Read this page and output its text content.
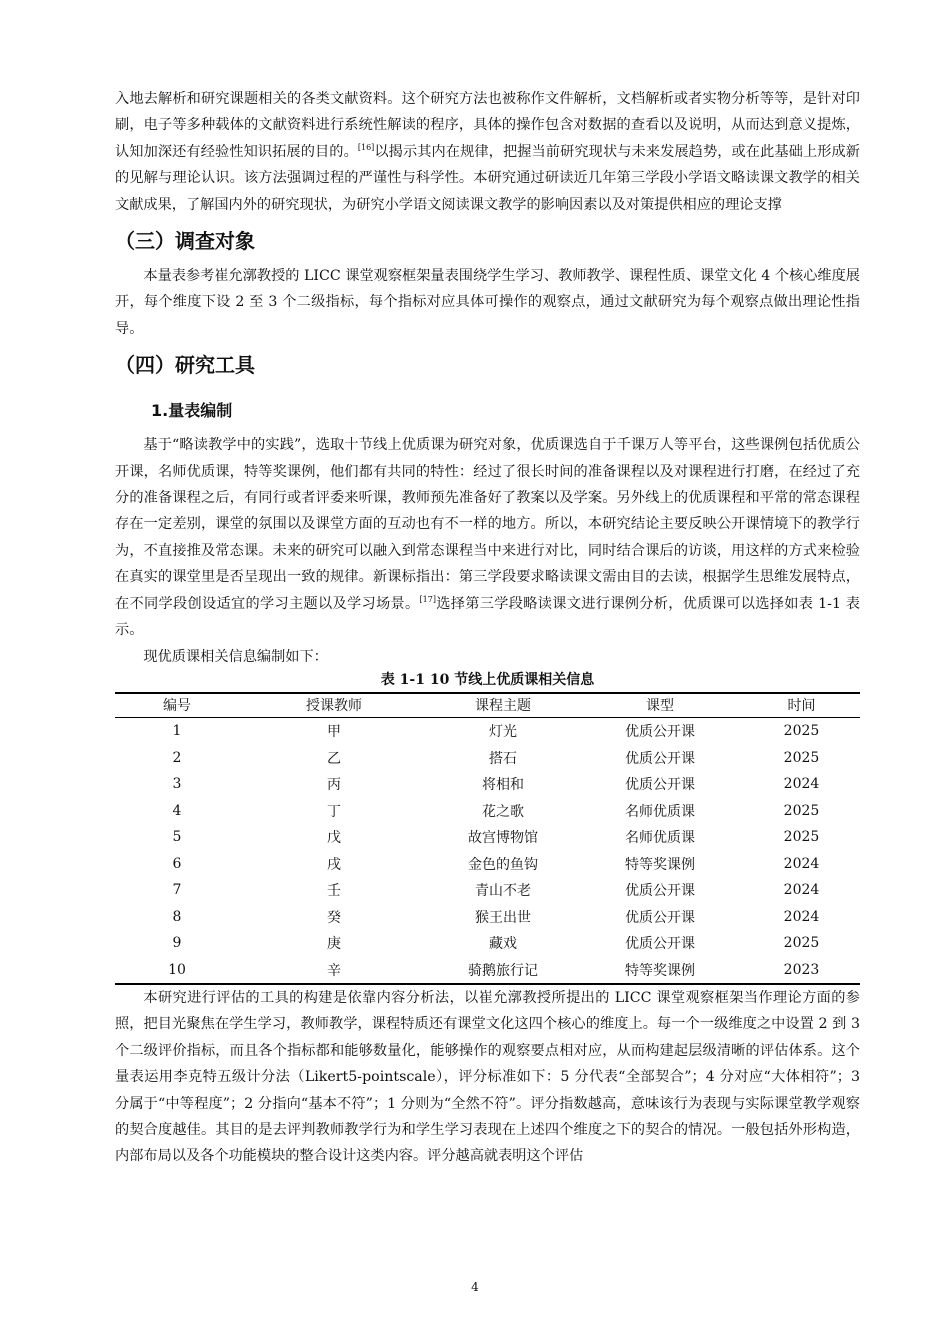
入地去解析和研究课题相关的各类文献资料。这个研究方法也被称作文件解析，文档解析或者实物分析等等，是针对印刷，电子等多种载体的文献资料进行系统性解读的程序，具体的操作包含对数据的查看以及说明，从而达到意义提炼，认知加深还有经验性知识拓展的目的。[16]以揭示其内在规律，把握当前研究现状与未来发展趋势，或在此基础上形成新的见解与理论认识。该方法强调过程的严谨性与科学性。本研究通过研读近几年第三学段小学语文略读课文教学的相关文献成果，了解国内外的研究现状，为研究小学语文阅读课文教学的影响因素以及对策提供相应的理论支撑

（三）调查对象

本量表参考崔允漷教授的 LICC 课堂观察框架量表围绕学生学习、教师教学、课程性质、课堂文化 4 个核心维度展开，每个维度下设 2 至 3 个二级指标，每个指标对应具体可操作的观察点，通过文献研究为每个观察点做出理论性指导。

（四）研究工具
1.量表编制

基于“略读教学中的实践”，选取十节线上优质课为研究对象，优质课选自于千课万人等平台，这些课例包括优质公开课，名师优质课，特等奖课例，他们都有共同的特性：经过了很长时间的准备课程以及对课程进行打磨，在经过了充分的准备课程之后，有同行或者评委来听课，教师预先准备好了教案以及学案。另外线上的优质课程和平常的常态课程存在一定差别，课堂的氛围以及课堂方面的互动也有不一样的地方。所以，本研究结论主要反映公开课情境下的教学行为，不直接推及常态课。未来的研究可以融入到常态课程当中来进行对比，同时结合课后的访谈，用这样的方式来检验在真实的课堂里是否呈现出一致的规律。新课标指出：第三学段要求略读课文需由目的去读，根据学生思维发展特点，在不同学段创设适宜的学习主题以及学习场景。[17]选择第三学段略读课文进行课例分析，优质课可以选择如表 1-1 表示。

现优质课相关信息编制如下：

表 1-1 10 节线上优质课相关信息
编号	授课教师	课程主题	课型	时间
1	甲	灯光	优质公开课	2025
2	乙	搭石	优质公开课	2025
3	丙	将相和	优质公开课	2024
4	丁	花之歌	名师优质课	2025
5	戊	故宫博物馆	名师优质课	2025
6	戌	金色的鱼钩	特等奖课例	2024
7	壬	青山不老	优质公开课	2024
8	癸	猴王出世	优质公开课	2024
9	庚	藏戏	优质公开课	2025
10	辛	骑鹅旅行记	特等奖课例	2023

本研究进行评估的工具的构建是依靠内容分析法，以崔允漷教授所提出的 LICC 课堂观察框架当作理论方面的参照，把目光聚焦在学生学习，教师教学，课程特质还有课堂文化这四个核心的维度上。每一个一级维度之中设置 2 到 3 个二级评价指标，而且各个指标都和能够数量化，能够操作的观察要点相对应，从而构建起层级清晰的评估体系。这个量表运用李克特五级计分法（Likert5-pointscale），评分标准如下：5 分代表“全部契合”；4 分对应“大体相符”；3 分属于“中等程度”；2 分指向“基本不符”；1 分则为“全然不符”。评分指数越高，意味该行为表现与实际课堂教学观察的契合度越佳。其目的是去评判教师教学行为和学生学习表现在上述四个维度之下的契合的情况。一般包括外形构造，内部布局以及各个功能模块的整合设计这类内容。评分越高就表明这个评估

4
